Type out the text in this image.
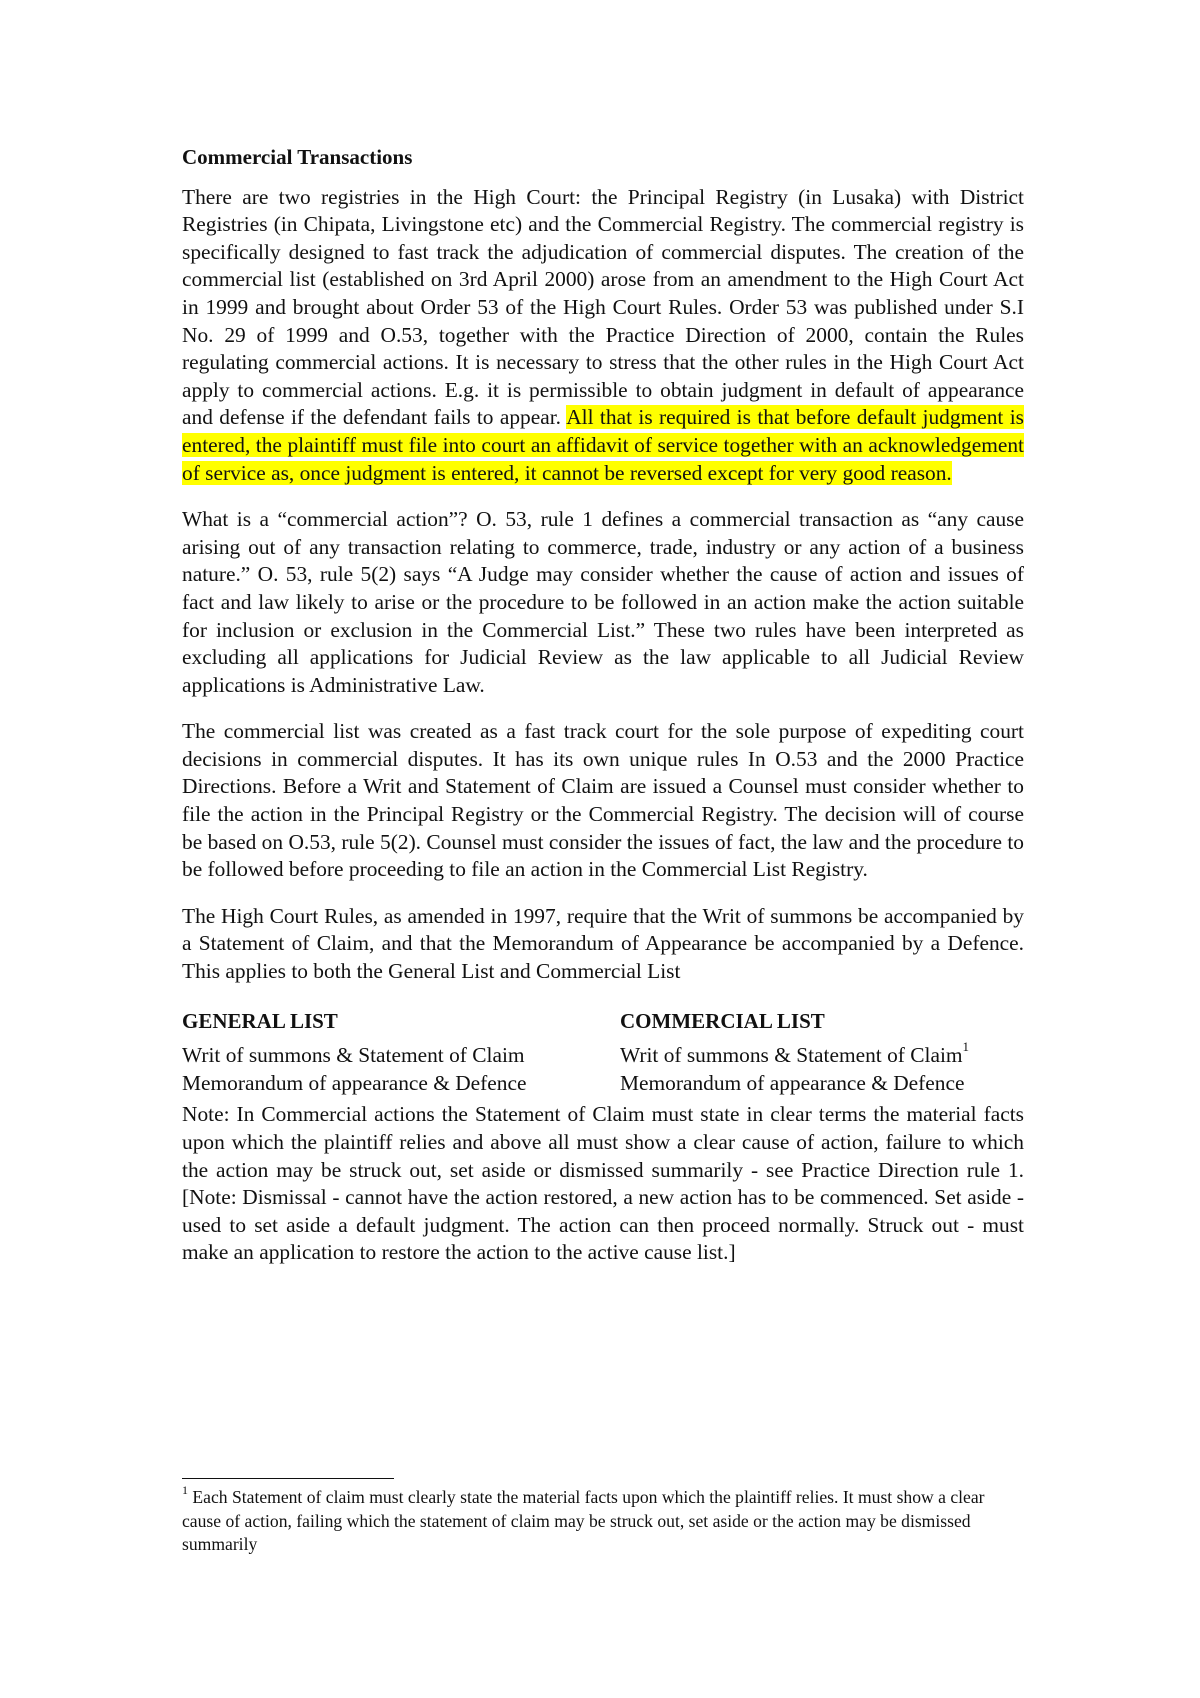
Commercial Transactions

There are two registries in the High Court: the Principal Registry (in Lusaka) with District Registries (in Chipata, Livingstone etc) and the Commercial Registry. The commercial registry is specifically designed to fast track the adjudication of commercial disputes. The creation of the commercial list (established on 3rd April 2000) arose from an amendment to the High Court Act in 1999 and brought about Order 53 of the High Court Rules. Order 53 was published under S.I No. 29 of 1999 and O.53, together with the Practice Direction of 2000, contain the Rules regulating commercial actions. It is necessary to stress that the other rules in the High Court Act apply to commercial actions. E.g. it is permissible to obtain judgment in default of appearance and defense if the defendant fails to appear. All that is required is that before default judgment is entered, the plaintiff must file into court an affidavit of service together with an acknowledgement of service as, once judgment is entered, it cannot be reversed except for very good reason.

What is a “commercial action”? O. 53, rule 1 defines a commercial transaction as “any cause arising out of any transaction relating to commerce, trade, industry or any action of a business nature.” O. 53, rule 5(2) says “A Judge may consider whether the cause of action and issues of fact and law likely to arise or the procedure to be followed in an action make the action suitable for inclusion or exclusion in the Commercial List.” These two rules have been interpreted as excluding all applications for Judicial Review as the law applicable to all Judicial Review applications is Administrative Law.

The commercial list was created as a fast track court for the sole purpose of expediting court decisions in commercial disputes. It has its own unique rules In O.53 and the 2000 Practice Directions. Before a Writ and Statement of Claim are issued a Counsel must consider whether to file the action in the Principal Registry or the Commercial Registry. The decision will of course be based on O.53, rule 5(2). Counsel must consider the issues of fact, the law and the procedure to be followed before proceeding to file an action in the Commercial List Registry.

The High Court Rules, as amended in 1997, require that the Writ of summons be accompanied by a Statement of Claim, and that the Memorandum of Appearance be accompanied by a Defence. This applies to both the General List and Commercial List

GENERAL LIST
Writ of summons & Statement of Claim
Memorandum of appearance & Defence
COMMERCIAL LIST
Writ of summons & Statement of Claim$^1$
Memorandum of appearance & Defence

Note: In Commercial actions the Statement of Claim must state in clear terms the material facts upon which the plaintiff relies and above all must show a clear cause of action, failure to which the action may be struck out, set aside or dismissed summarily - see Practice Direction rule 1. [Note: Dismissal - cannot have the action restored, a new action has to be commenced. Set aside - used to set aside a default judgment. The action can then proceed normally. Struck out - must make an application to restore the action to the active cause list.]

$^1$ Each Statement of claim must clearly state the material facts upon which the plaintiff relies. It must show a clear cause of action, failing which the statement of claim may be struck out, set aside or the action may be dismissed summarily
